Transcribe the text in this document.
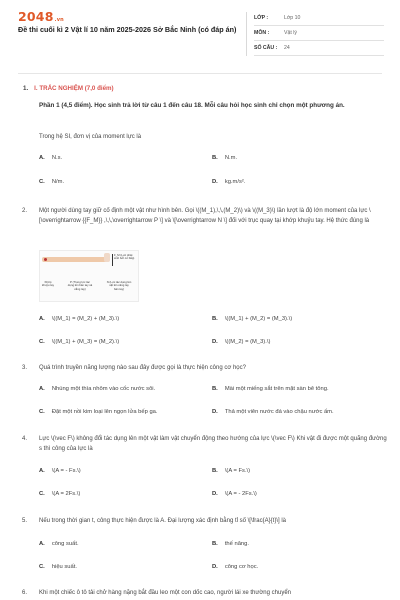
2048.vn
Đề thi cuối kì 2 Vật lí 10 năm 2025-2026 Sở Bắc Ninh (có đáp án)
LỚP :	Lớp 10
MÔN :	Vật lý
SỐ CÂU : 24
1. I. TRẮC NGHIỆM (7,0 điểm)
Phần 1 (4,5 điểm). Học sinh trả lời từ câu 1 đến câu 18. Mỗi câu hỏi học sinh chỉ chọn một phương án.
Trong hệ SI, đơn vị của moment lực là
A. N.s.	B. N.m.
C. N/m.	D. kg.m/s².
2. Một người dùng tay giữ cố định một vật như hình bên. Gọi \((M_1),\,\,(M_2)\) và \((M_3)\) lần lượt là độ lớn moment của lực \[\overrightarrow {{F_M}} ,\,\,\overrightarrow P \] và \[\overrightarrow N \] đối với trục quay tại khớp khuỷu tay. Hệ thức đúng là
F_M (Lực phát
sinh bởi cơ bắp)
Khớp
khuỷu tay
P (Trọng lực tác
dụng lên bàn tay và
cẳng tay)
N (Lực tác dụng lên
vật lên cảng tay
bàn tay)
A. \((M_1) = (M_2) + (M_3).\)	B. \((M_1) + (M_2) = (M_3).\)
C. \((M_1) + (M_3) = (M_2).\)	D. \((M_2) = (M_3).\)
3. Quá trình truyền năng lượng nào sau đây được gọi là thực hiện công cơ học?
A. Nhúng một thìa nhôm vào cốc nước sôi.	B. Mài một miếng sắt trên mặt sàn bê tông.
C. Đặt một nồi kim loại lên ngọn lửa bếp ga.	D. Thả một viên nước đá vào chậu nước ấm.
4. Lực \(\vec F\) không đổi tác dụng lên một vật làm vật chuyển động theo hướng của lực \(\vec F\) Khi vật đi được một quãng đường s thì công của lực là
A. \(A = - Fs.\)	B. \(A = Fs.\)
C. \(A = 2Fs.\)	D. \(A = - 2Fs.\)
5. Nếu trong thời gian t, công thực hiện được là A. Đại lượng xác định bằng tỉ số \[\frac{A}{t}\] là
A. công suất.	B. thế năng.
C. hiệu suất.	D. công cơ học.
6. Khi một chiếc ô tô tải chở hàng nặng bắt đầu leo một con dốc cao, người lái xe thường chuyển
